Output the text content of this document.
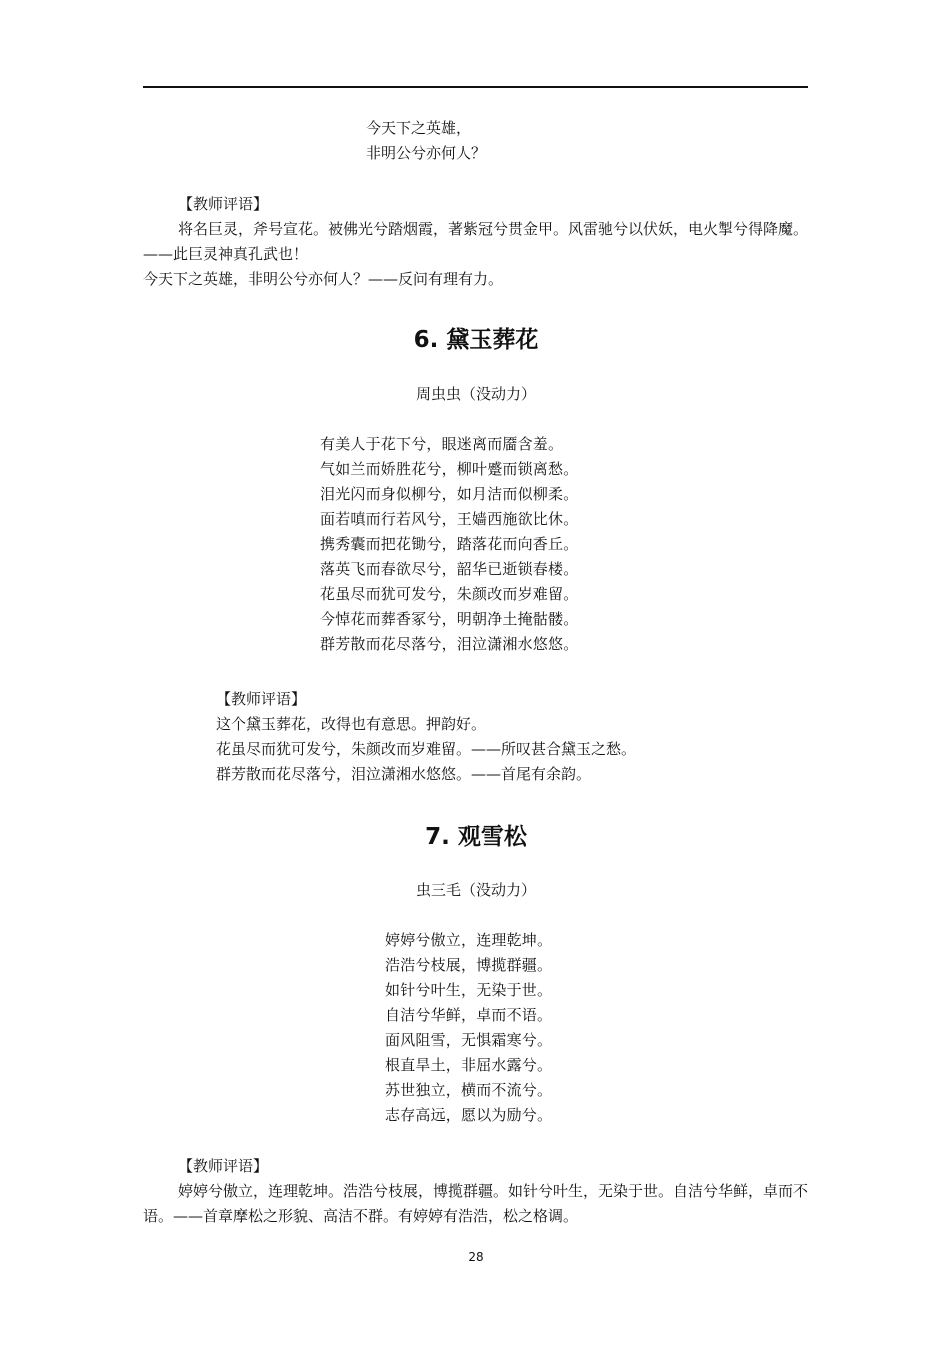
今天下之英雄，
非明公兮亦何人？
【教师评语】
将名巨灵，斧号宣花。被佛光兮踏烟霞，著紫冠兮贯金甲。风雷驰兮以伏妖，电火掣兮得降魔。——此巨灵神真孔武也！
今天下之英雄，非明公兮亦何人？——反问有理有力。
6. 黛玉葬花
周虫虫（没动力）
有美人于花下兮，眼迷离而靥含羞。
气如兰而娇胜花兮，柳叶蹙而锁离愁。
泪光闪而身似柳兮，如月洁而似柳柔。
面若嗔而行若风兮，王嫱西施欲比休。
携秀囊而把花锄兮，踏落花而向香丘。
落英飞而春欲尽兮，韶华已逝锁春楼。
花虽尽而犹可发兮，朱颜改而岁难留。
今悼花而葬香冢兮，明朝净土掩骷髅。
群芳散而花尽落兮，泪泣潇湘水悠悠。
【教师评语】
这个黛玉葬花，改得也有意思。押韵好。
花虽尽而犹可发兮，朱颜改而岁难留。——所叹甚合黛玉之愁。
群芳散而花尽落兮，泪泣潇湘水悠悠。——首尾有余韵。
7. 观雪松
虫三毛（没动力）
婷婷兮傲立，连理乾坤。
浩浩兮枝展，博揽群疆。
如针兮叶生，无染于世。
自洁兮华鲜，卓而不语。
面风阻雪，无惧霜寒兮。
根直旱土，非屈水露兮。
苏世独立，横而不流兮。
志存高远，愿以为励兮。
【教师评语】
婷婷兮傲立，连理乾坤。浩浩兮枝展，博揽群疆。如针兮叶生，无染于世。自洁兮华鲜，卓而不语。——首章摩松之形貌、高洁不群。有婷婷有浩浩，松之格调。
28
